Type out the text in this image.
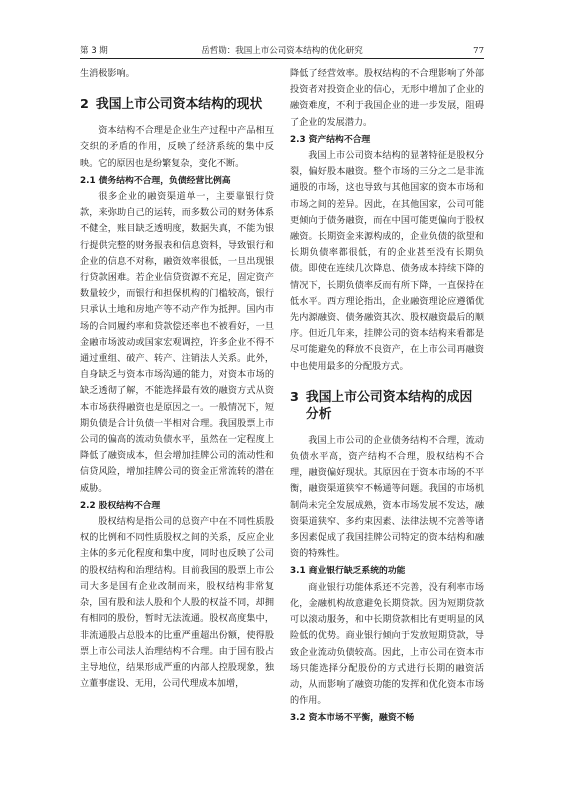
第 3 期	岳哲勋：我国上市公司资本结构的优化研究	77

生消极影响。

2 我国上市公司资本结构的现状

资本结构不合理是企业生产过程中产品相互交织的矛盾的作用，反映了经济系统的集中反映。它的原因也是纷繁复杂，变化不断。

2.1 债务结构不合理，负债经营比例高

很多企业的融资渠道单一，主要靠银行贷款，来弥助自己的运转，而多数公司的财务体系不健全，账目缺乏透明度，数据失真，不能为银行提供完整的财务报表和信息资料，导致银行和企业的信息不对称，融资效率很低，一旦出现银行贷款困难。若企业信贷资源不充足，固定资产数量较少，而银行和担保机构的门槛较高，银行只承认土地和房地产等不动产作为抵押。国内市场的合同履约率和贷款偿还率也不被看好，一旦金融市场波动或国家宏观调控，许多企业不得不通过重组、破产、转产、注销法人关系。此外，自身缺乏与资本市场沟通的能力，对资本市场的缺乏透彻了解，不能选择最有效的融资方式从资本市场获得融资也是原因之一。一般情况下，短期负债是合计负债一半相对合理。我国股票上市公司的偏高的流动负债水平，虽然在一定程度上降低了融资成本，但会增加挂牌公司的流动性和信贷风险，增加挂牌公司的资金正常流转的潜在威胁。

2.2 股权结构不合理

股权结构是指公司的总资产中在不同性质股权的比例和不同性质股权之间的关系，反应企业主体的多元化程度和集中度，同时也反映了公司的股权结构和治理结构。目前我国的股票上市公司大多是国有企业改制而来，股权结构非常复杂，国有股和法人股和个人股的权益不同，却拥有相同的股份，暂时无法流通。股权高度集中，非流通股占总股本的比重严重超出份额，使得股票上市公司法人治理结构不合理。由于国有股占主导地位，结果形成严重的内部人控股现象，独立董事虚设、无用，公司代理成本加增，

降低了经营效率。股权结构的不合理影响了外部投资者对投资企业的信心，无形中增加了企业的融资难度，不利于我国企业的进一步发展，阻碍了企业的发展潜力。

2.3 资产结构不合理

我国上市公司资本结构的显著特征是股权分裂，偏好股本融资。整个市场的三分之二是非流通股的市场，这也导致与其他国家的资本市场和市场之间的差异。因此，在其他国家，公司可能更倾向于债务融资，而在中国可能更偏向于股权融资。长期资金来源构成的，企业负债的欲望和长期负债率都很低，有的企业甚至没有长期负债。即使在连续几次降息、债务成本持续下降的情况下，长期负债率反而有所下降，一直保持在低水平。西方理论指出，企业融资理论应遵循优先内源融资、债务融资其次、股权融资最后的顺序。但近几年来，挂牌公司的资本结构来看都是尽可能避免的释放不良资产，在上市公司再融资中也使用最多的分配股方式。

3 我国上市公司资本结构的成因分析

我国上市公司的企业债务结构不合理，流动负债水平高，资产结构不合理，股权结构不合理，融资偏好现状。其原因在于资本市场的不平衡，融资渠道狭窄不畅通等问题。我国的市场机制尚未完全发展成熟，资本市场发展不发达，融资渠道狭窄、多约束因素、法律法规不完善等诸多因素促成了我国挂牌公司特定的资本结构和融资的特殊性。

3.1 商业银行缺乏系统的功能

商业银行功能体系还不完善，没有利率市场化，金融机构故意避免长期贷款。因为短期贷款可以滚动服务，和中长期贷款相比有更明显的风险低的优势。商业银行倾向于发放短期贷款，导致企业流动负债较高。因此，上市公司在资本市场只能选择分配股份的方式进行长期的融资活动，从而影响了融资功能的发挥和优化资本市场的作用。

3.2 资本市场不平衡，融资不畅
